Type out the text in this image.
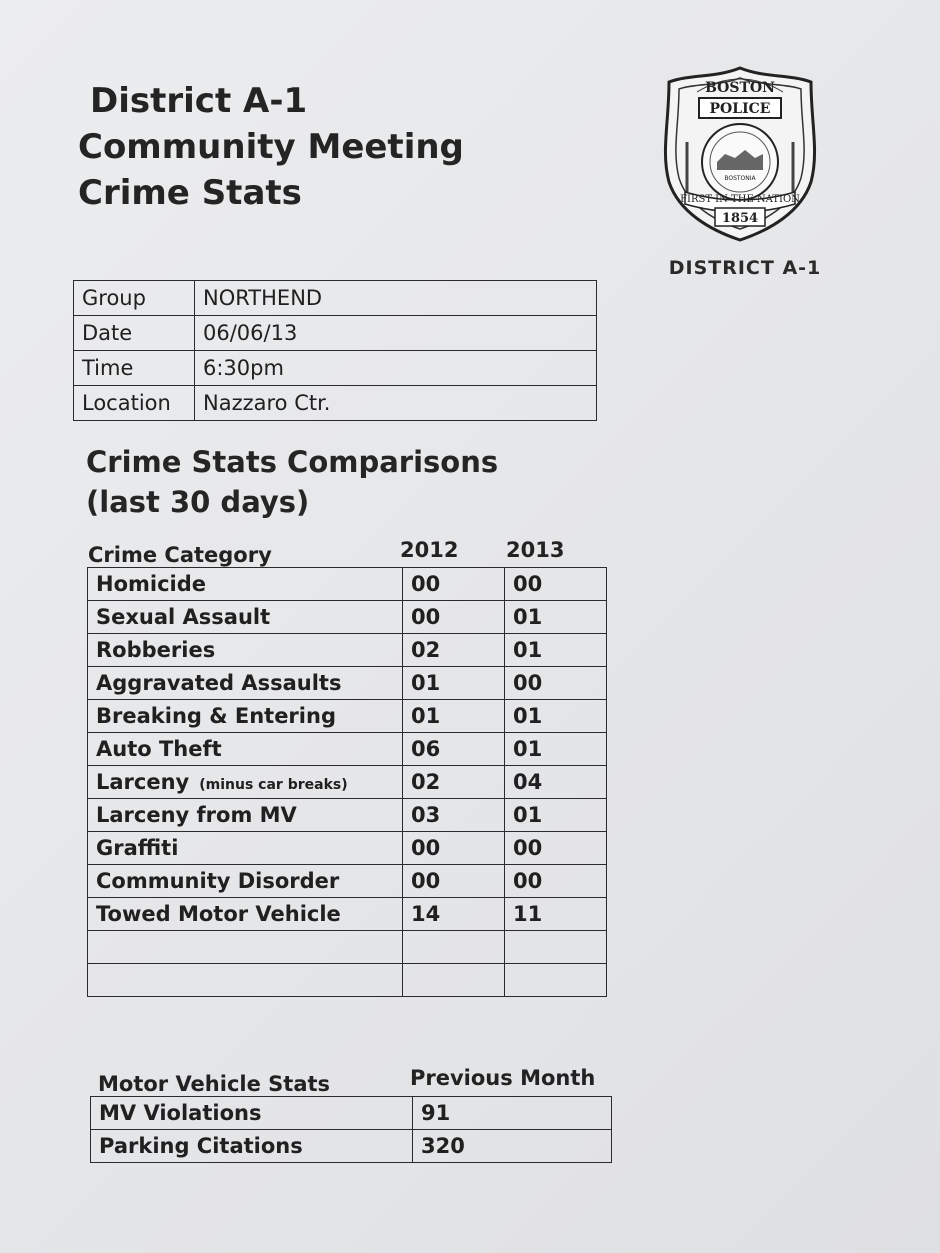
District A-1
Community Meeting
Crime Stats
BOSTON
POLICE
BOSTONIA
FIRST IN THE NATION
1854
DISTRICT A-1
Group	NORTHEND
Date	06/06/13
Time	6:30pm
Location	Nazzaro Ctr.
Crime Stats Comparisons
(last 30 days)
Crime Category	2012 2013
Homicide	00	00
Sexual Assault	00	01
Robberies	02	01
Aggravated Assaults	01	00
Breaking & Entering	01	01
Auto Theft	06	01
Larceny (minus car breaks)	02	04
Larceny from MV	03	01
Graffiti	00	00
Community Disorder	00	00
Towed Motor Vehicle	14	11

Motor Vehicle Stats	Previous Month
MV Violations	91
Parking Citations	320
